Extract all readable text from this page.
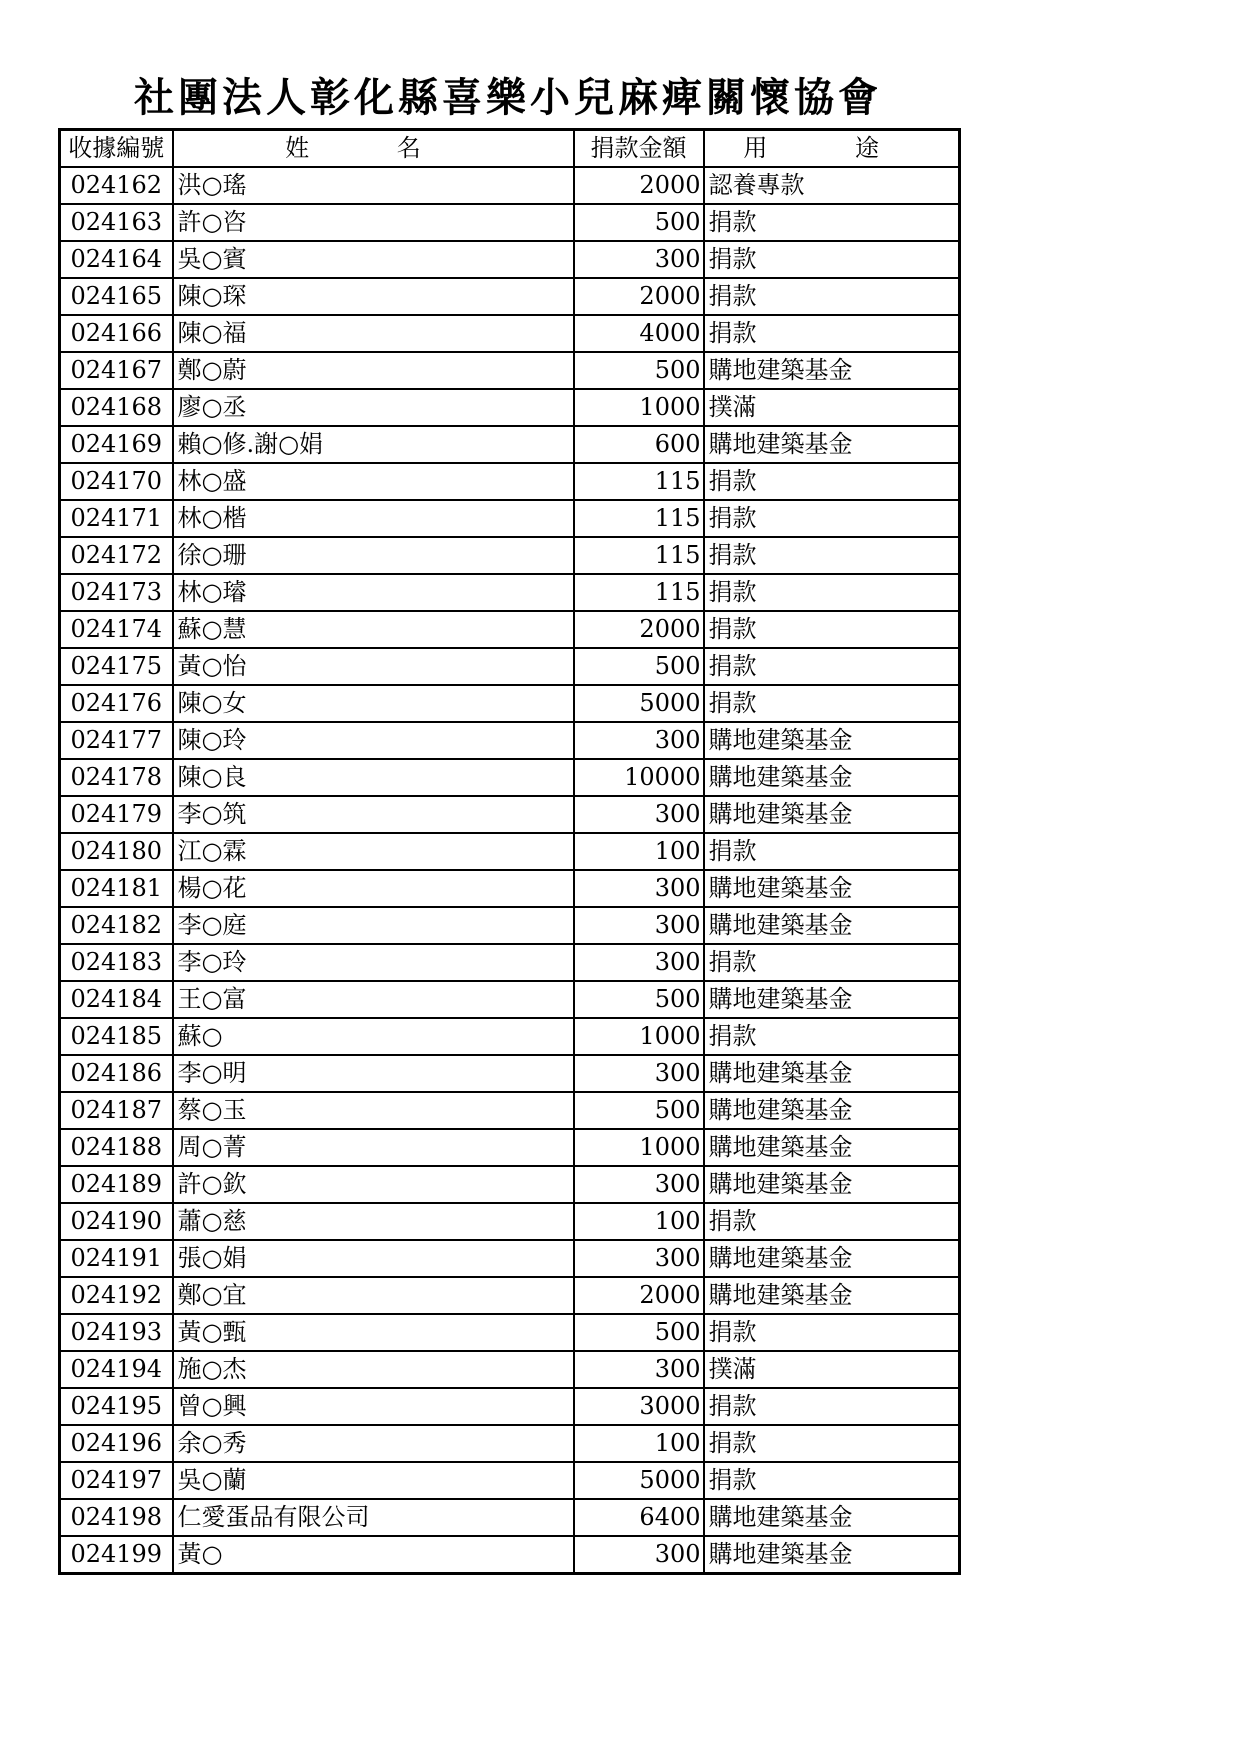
社團法人彰化縣喜樂小兒麻痺關懷協會
收據編號	姓 名	捐款金額	用 途
024162	洪○瑤	2000	認養專款
024163	許○咨	500	捐款
024164	吳○賓	300	捐款
024165	陳○琛	2000	捐款
024166	陳○福	4000	捐款
024167	鄭○蔚	500	購地建築基金
024168	廖○丞	1000	撲滿
024169	賴○修.謝○娟	600	購地建築基金
024170	林○盛	115	捐款
024171	林○楷	115	捐款
024172	徐○珊	115	捐款
024173	林○璿	115	捐款
024174	蘇○慧	2000	捐款
024175	黃○怡	500	捐款
024176	陳○女	5000	捐款
024177	陳○玲	300	購地建築基金
024178	陳○良	10000	購地建築基金
024179	李○筑	300	購地建築基金
024180	江○霖	100	捐款
024181	楊○花	300	購地建築基金
024182	李○庭	300	購地建築基金
024183	李○玲	300	捐款
024184	王○富	500	購地建築基金
024185	蘇○	1000	捐款
024186	李○明	300	購地建築基金
024187	蔡○玉	500	購地建築基金
024188	周○菁	1000	購地建築基金
024189	許○欽	300	購地建築基金
024190	蕭○慈	100	捐款
024191	張○娟	300	購地建築基金
024192	鄭○宜	2000	購地建築基金
024193	黃○甄	500	捐款
024194	施○杰	300	撲滿
024195	曾○興	3000	捐款
024196	余○秀	100	捐款
024197	吳○蘭	5000	捐款
024198	仁愛蛋品有限公司	6400	購地建築基金
024199	黃○	300	購地建築基金
